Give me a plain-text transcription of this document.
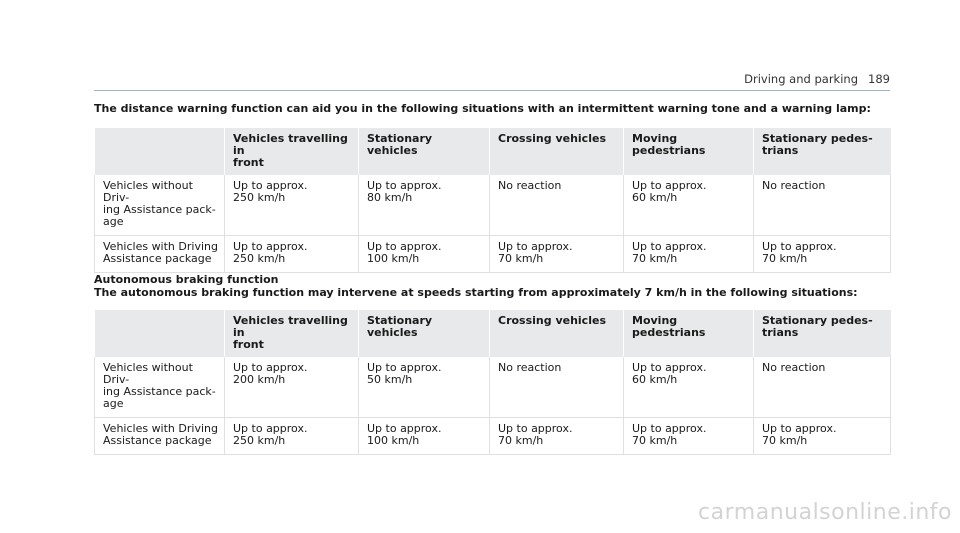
Driving and parking 189
The distance warning function can aid you in the following situations with an intermittent warning tone and a warning lamp:
	Vehicles travelling in
front	Stationary vehicles	Crossing vehicles	Moving pedestrians	Stationary pedes-
trians
Vehicles without Driv-
ing Assistance pack-
age	Up to approx.
250 km/h	Up to approx.
80 km/h	No reaction	Up to approx.
60 km/h	No reaction
Vehicles with Driving
Assistance package	Up to approx.
250 km/h	Up to approx.
100 km/h	Up to approx.
70 km/h	Up to approx.
70 km/h	Up to approx.
70 km/h
Autonomous braking function
The autonomous braking function may intervene at speeds starting from approximately 7 km/h in the following situations:
	Vehicles travelling in
front	Stationary vehicles	Crossing vehicles	Moving pedestrians	Stationary pedes-
trians
Vehicles without Driv-
ing Assistance pack-
age	Up to approx.
200 km/h	Up to approx.
50 km/h	No reaction	Up to approx.
60 km/h	No reaction
Vehicles with Driving
Assistance package	Up to approx.
250 km/h	Up to approx.
100 km/h	Up to approx.
70 km/h	Up to approx.
70 km/h	Up to approx.
70 km/h
carmanualsonline.info
